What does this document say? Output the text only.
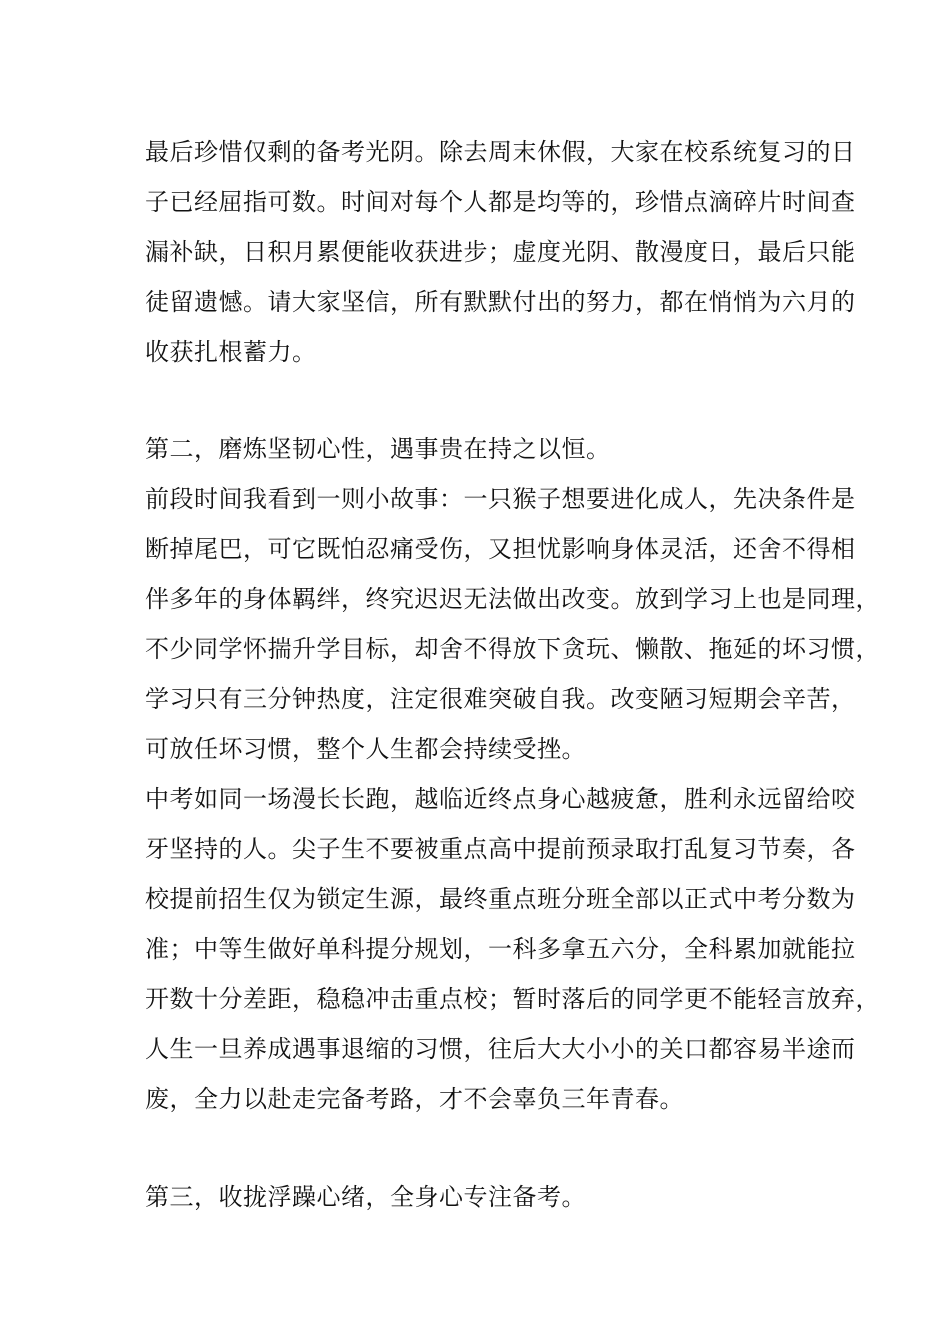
最后珍惜仅剩的备考光阴。除去周末休假，大家在校系统复习的日
子已经屈指可数。时间对每个人都是均等的，珍惜点滴碎片时间查
漏补缺，日积月累便能收获进步；虚度光阴、散漫度日，最后只能
徒留遗憾。请大家坚信，所有默默付出的努力，都在悄悄为六月的
收获扎根蓄力。
第二，磨炼坚韧心性，遇事贵在持之以恒。
前段时间我看到一则小故事：一只猴子想要进化成人，先决条件是
断掉尾巴，可它既怕忍痛受伤，又担忧影响身体灵活，还舍不得相
伴多年的身体羁绊，终究迟迟无法做出改变。放到学习上也是同理，
不少同学怀揣升学目标，却舍不得放下贪玩、懒散、拖延的坏习惯，
学习只有三分钟热度，注定很难突破自我。改变陋习短期会辛苦，
可放任坏习惯，整个人生都会持续受挫。
中考如同一场漫长长跑，越临近终点身心越疲惫，胜利永远留给咬
牙坚持的人。尖子生不要被重点高中提前预录取打乱复习节奏，各
校提前招生仅为锁定生源，最终重点班分班全部以正式中考分数为
准；中等生做好单科提分规划，一科多拿五六分，全科累加就能拉
开数十分差距，稳稳冲击重点校；暂时落后的同学更不能轻言放弃，
人生一旦养成遇事退缩的习惯，往后大大小小的关口都容易半途而
废，全力以赴走完备考路，才不会辜负三年青春。
第三，收拢浮躁心绪，全身心专注备考。
